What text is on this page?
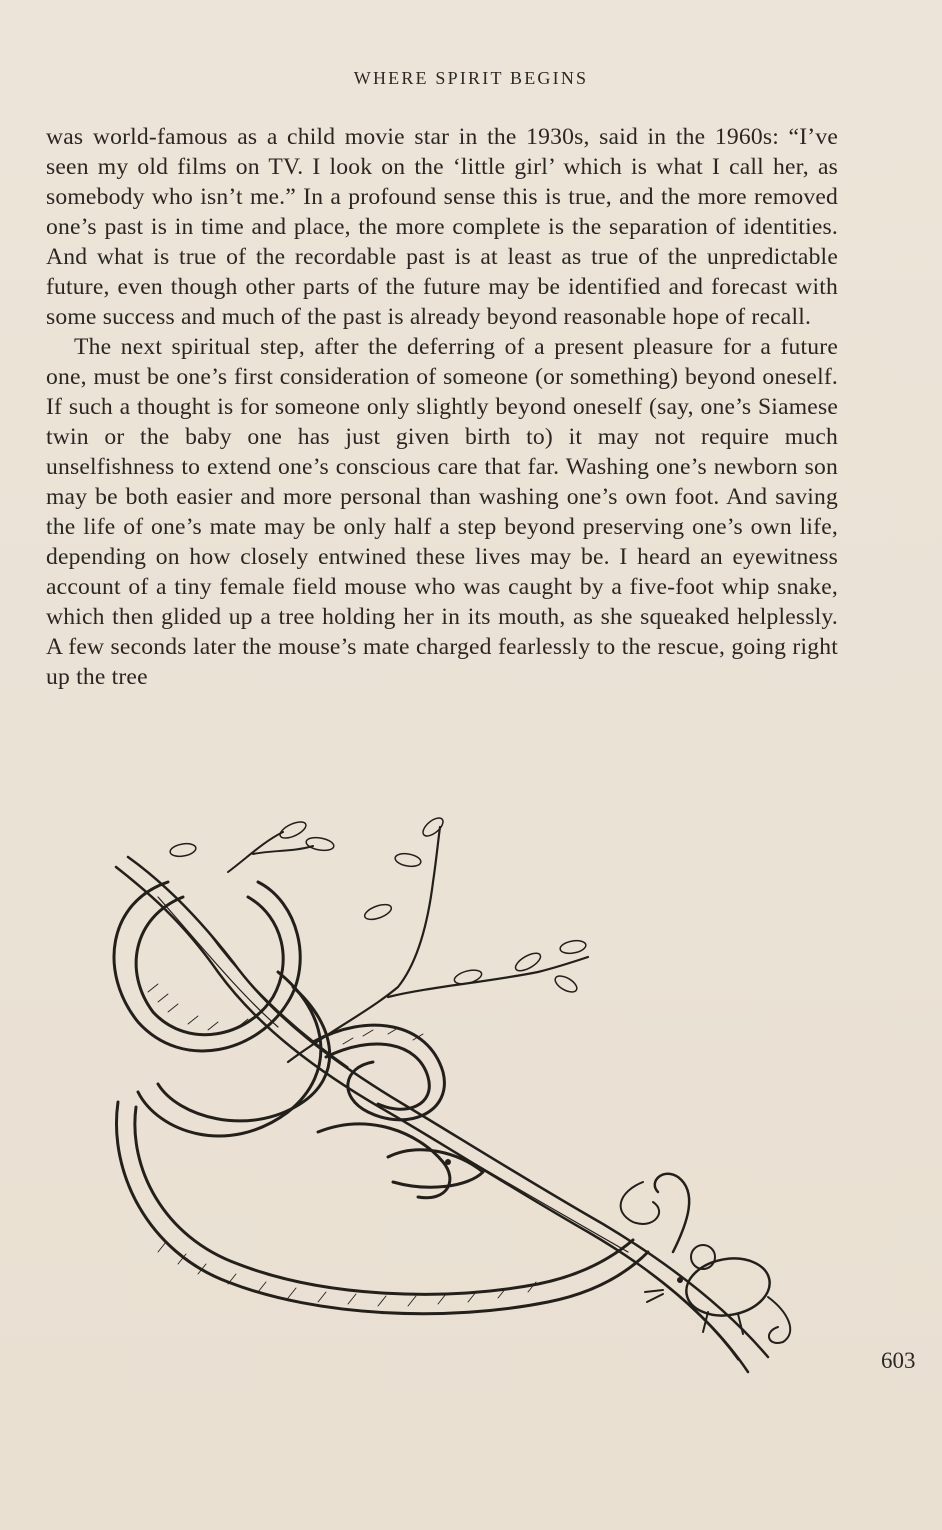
WHERE SPIRIT BEGINS

was world-famous as a child movie star in the 1930s, said in the 1960s: “I’ve seen my old films on TV. I look on the ‘little girl’ which is what I call her, as somebody who isn’t me.” In a profound sense this is true, and the more removed one’s past is in time and place, the more complete is the separation of identities. And what is true of the recordable past is at least as true of the unpredictable future, even though other parts of the future may be identified and forecast with some success and much of the past is already beyond reasonable hope of recall.

The next spiritual step, after the deferring of a present pleasure for a future one, must be one’s first consideration of someone (or something) beyond oneself. If such a thought is for someone only slightly beyond oneself (say, one’s Siamese twin or the baby one has just given birth to) it may not require much unselfishness to extend one’s conscious care that far. Washing one’s newborn son may be both easier and more personal than washing one’s own foot. And saving the life of one’s mate may be only half a step beyond preserving one’s own life, depending on how closely entwined these lives may be. I heard an eyewitness account of a tiny female field mouse who was caught by a five-foot whip snake, which then glided up a tree holding her in its mouth, as she squeaked helplessly. A few seconds later the mouse’s mate charged fearlessly to the rescue, going right up the tree

603
